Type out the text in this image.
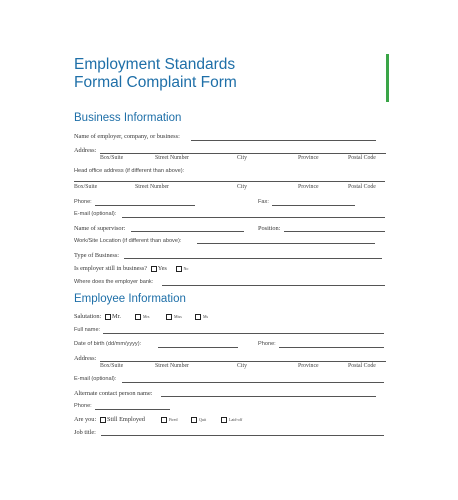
Employment Standards
Formal Complaint Form
Business Information
Name of employer, company, or business:
Address:
Box/Suite	Street Number	City	Province	Postal Code
Head office address (if different than above):
Box/Suite	Street Number	City	Province	Postal Code
Phone:	Fax:
E-mail (optional):
Name of supervisor:	Position:
Work/Site Location (if different than above):
Type of Business:
Is employer still in business? Yes	No
Where does the employer bank:
Employee Information
Salutation:	Mr.	Mrs	Miss	Ms
Full name:
Date of birth (dd/mm/yyyy):	Phone:
Address:
Box/Suite	Street Number	City	Province	Postal Code
E-mail (optional):
Alternate contact person name:
Phone:
Are you:	Still Employed	Fired	Quit	Laid-off
Job title:
